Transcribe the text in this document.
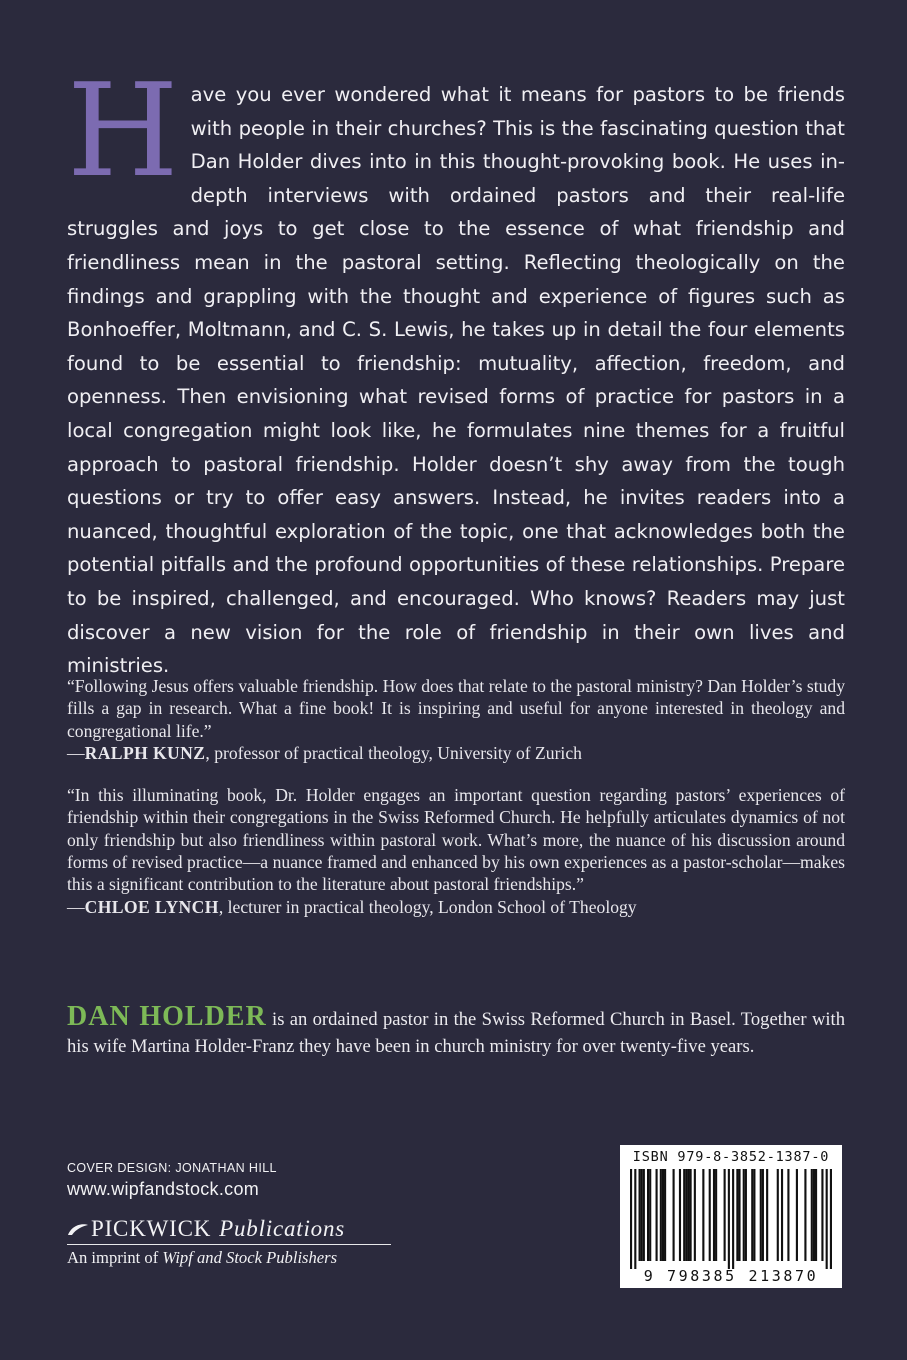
Have you ever wondered what it means for pastors to be friends with people in their churches? This is the fascinating question that Dan Holder dives into in this thought-provoking book. He uses in-depth interviews with ordained pastors and their real-life struggles and joys to get close to the essence of what friendship and friendliness mean in the pastoral setting. Reflecting theologically on the findings and grappling with the thought and experience of figures such as Bonhoeffer, Moltmann, and C. S. Lewis, he takes up in detail the four elements found to be essential to friendship: mutuality, affection, freedom, and openness. Then envisioning what revised forms of practice for pastors in a local congregation might look like, he formulates nine themes for a fruitful approach to pastoral friendship. Holder doesn’t shy away from the tough questions or try to offer easy answers. Instead, he invites readers into a nuanced, thoughtful exploration of the topic, one that acknowledges both the potential pitfalls and the profound opportunities of these relationships. Prepare to be inspired, challenged, and encouraged. Who knows? Readers may just discover a new vision for the role of friendship in their own lives and ministries.

“Following Jesus offers valuable friendship. How does that relate to the pastoral ministry? Dan Holder’s study fills a gap in research. What a fine book! It is inspiring and useful for anyone interested in theology and congregational life.”

—RALPH KUNZ, professor of practical theology, University of Zurich

“In this illuminating book, Dr. Holder engages an important question regarding pastors’ experiences of friendship within their congregations in the Swiss Reformed Church. He helpfully articulates dynamics of not only friendship but also friendliness within pastoral work. What’s more, the nuance of his discussion around forms of revised practice—a nuance framed and enhanced by his own experiences as a pastor-scholar—makes this a significant contribution to the literature about pastoral friendships.”

—CHLOE LYNCH, lecturer in practical theology, London School of Theology
DAN HOLDER is an ordained pastor in the Swiss Reformed Church in Basel. Together with his wife Martina Holder-Franz they have been in church ministry for over twenty-five years.
COVER DESIGN: JONATHAN HILL
www.wipfandstock.com
PICKWICK Publications
An imprint of Wipf and Stock Publishers
ISBN 979-8-3852-1387-0
9 798385 213870
